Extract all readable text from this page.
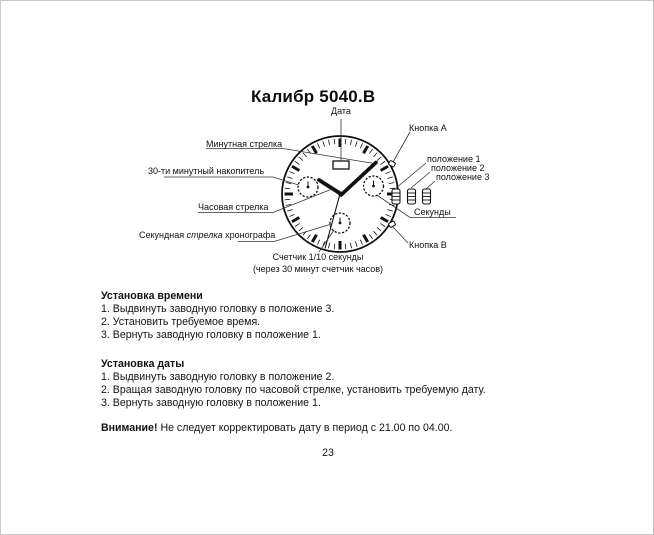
Калибр 5040.B
Дата
Кнопка A
Минутная стрелка
30-ти минутный накопитель
положение 1
положение 2
положение 3
Секунды
Часовая стрелка
Секундная стрелка хронографа
Кнопка B
Счетчик 1/10 секунды
(через 30 минут счетчик часов)
Установка времени
1. Выдвинуть заводную головку в положение 3.
2. Установить требуемое время.
3. Вернуть заводную головку в положение 1.
Установка даты
1. Выдвинуть заводную головку в положение 2.
2. Вращая заводную головку по часовой стрелке, установить требуемую дату.
3. Вернуть заводную головку в положение 1.
Внимание! Не следует корректировать дату в период с 21.00 по 04.00.
23
